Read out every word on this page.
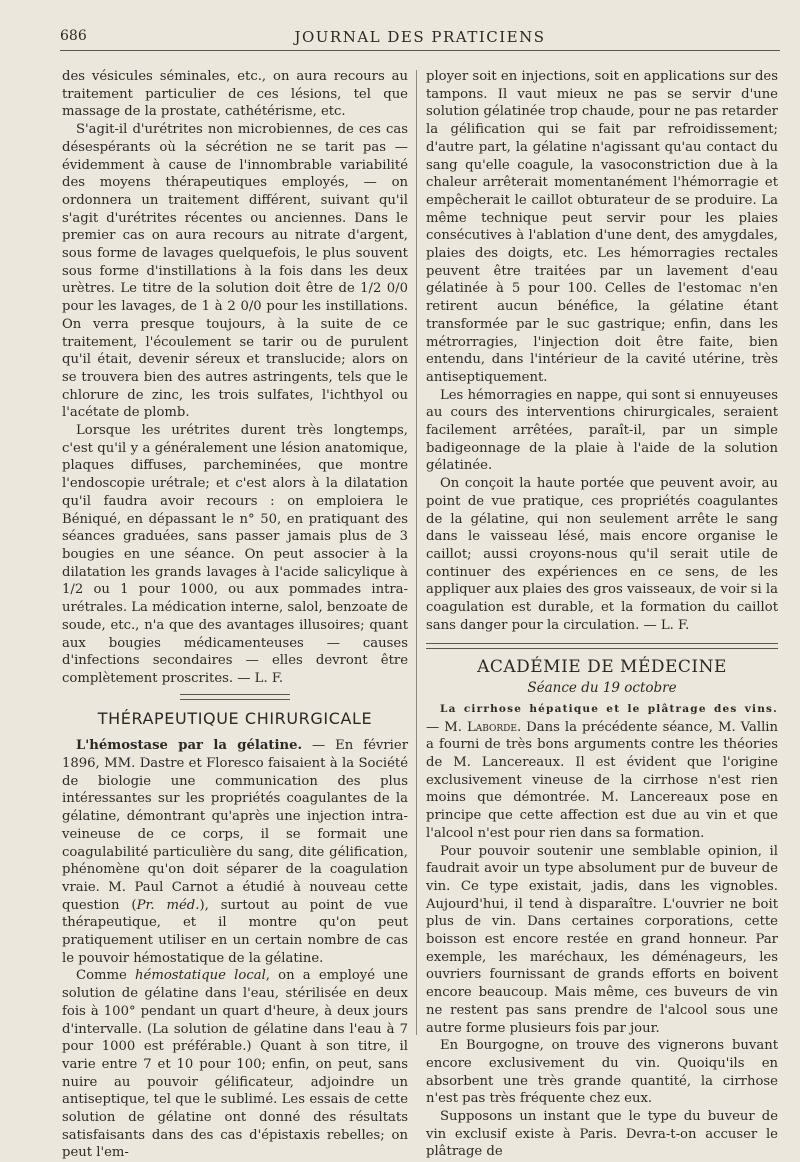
686	JOURNAL DES PRATICIENS

des vésicules séminales, etc., on aura recours au traitement particulier de ces lésions, tel que massage de la prostate, cathétérisme, etc.

S'agit-il d'urétrites non microbiennes, de ces cas désespérants où la sécrétion ne se tarit pas — évidemment à cause de l'innombrable variabilité des moyens thérapeutiques employés, — on ordonnera un traitement différent, suivant qu'il s'agit d'urétrites récentes ou anciennes. Dans le premier cas on aura recours au nitrate d'argent, sous forme de lavages quelquefois, le plus souvent sous forme d'instillations à la fois dans les deux urètres. Le titre de la solution doit être de 1/2 0/0 pour les lavages, de 1 à 2 0/0 pour les instillations. On verra presque toujours, à la suite de ce traitement, l'écoulement se tarir ou de purulent qu'il était, devenir séreux et translucide; alors on se trouvera bien des autres astringents, tels que le chlorure de zinc, les trois sulfates, l'ichthyol ou l'acétate de plomb.

Lorsque les urétrites durent très longtemps, c'est qu'il y a généralement une lésion anatomique, plaques diffuses, parcheminées, que montre l'endoscopie urétrale; et c'est alors à la dilatation qu'il faudra avoir recours : on emploiera le Béniqué, en dépassant le n° 50, en pratiquant des séances graduées, sans passer jamais plus de 3 bougies en une séance. On peut associer à la dilatation les grands lavages à l'acide salicylique à 1/2 ou 1 pour 1000, ou aux pommades intra-urétrales. La médication interne, salol, benzoate de soude, etc., n'a que des avantages illusoires; quant aux bougies médicamenteuses — causes d'infections secondaires — elles devront être complètement proscrites. — L. F.

THÉRAPEUTIQUE CHIRURGICALE

L'hémostase par la gélatine. — En février 1896, MM. Dastre et Floresco faisaient à la Société de biologie une communication des plus intéressantes sur les propriétés coagulantes de la gélatine, démontrant qu'après une injection intra-veineuse de ce corps, il se formait une coagulabilité particulière du sang, dite gélification, phénomène qu'on doit séparer de la coagulation vraie. M. Paul Carnot a étudié à nouveau cette question (Pr. méd.), surtout au point de vue thérapeutique, et il montre qu'on peut pratiquement utiliser en un certain nombre de cas le pouvoir hémostatique de la gélatine.

Comme hémostatique local, on a employé une solution de gélatine dans l'eau, stérilisée en deux fois à 100° pendant un quart d'heure, à deux jours d'intervalle. (La solution de gélatine dans l'eau à 7 pour 1000 est préférable.) Quant à son titre, il varie entre 7 et 10 pour 100; enfin, on peut, sans nuire au pouvoir gélificateur, adjoindre un antiseptique, tel que le sublimé. Les essais de cette solution de gélatine ont donné des résultats satisfaisants dans des cas d'épistaxis rebelles; on peut l'em-

ployer soit en injections, soit en applications sur des tampons. Il vaut mieux ne pas se servir d'une solution gélatinée trop chaude, pour ne pas retarder la gélification qui se fait par refroidissement; d'autre part, la gélatine n'agissant qu'au contact du sang qu'elle coagule, la vasoconstriction due à la chaleur arrêterait momentanément l'hémorragie et empêcherait le caillot obturateur de se produire. La même technique peut servir pour les plaies consécutives à l'ablation d'une dent, des amygdales, plaies des doigts, etc. Les hémorragies rectales peuvent être traitées par un lavement d'eau gélatinée à 5 pour 100. Celles de l'estomac n'en retirent aucun bénéfice, la gélatine étant transformée par le suc gastrique; enfin, dans les métrorragies, l'injection doit être faite, bien entendu, dans l'intérieur de la cavité utérine, très antiseptiquement.

Les hémorragies en nappe, qui sont si ennuyeuses au cours des interventions chirurgicales, seraient facilement arrêtées, paraît-il, par un simple badigeonnage de la plaie à l'aide de la solution gélatinée.

On conçoit la haute portée que peuvent avoir, au point de vue pratique, ces propriétés coagulantes de la gélatine, qui non seulement arrête le sang dans le vaisseau lésé, mais encore organise le caillot; aussi croyons-nous qu'il serait utile de continuer des expériences en ce sens, de les appliquer aux plaies des gros vaisseaux, de voir si la coagulation est durable, et la formation du caillot sans danger pour la circulation. — L. F.

ACADÉMIE DE MÉDECINE
Séance du 19 octobre

La cirrhose hépatique et le plâtrage des vins. — M. Laborde. Dans la précédente séance, M. Vallin a fourni de très bons arguments contre les théories de M. Lancereaux. Il est évident que l'origine exclusivement vineuse de la cirrhose n'est rien moins que démontrée. M. Lancereaux pose en principe que cette affection est due au vin et que l'alcool n'est pour rien dans sa formation.

Pour pouvoir soutenir une semblable opinion, il faudrait avoir un type absolument pur de buveur de vin. Ce type existait, jadis, dans les vignobles. Aujourd'hui, il tend à disparaître. L'ouvrier ne boit plus de vin. Dans certaines corporations, cette boisson est encore restée en grand honneur. Par exemple, les maréchaux, les déménageurs, les ouvriers fournissant de grands efforts en boivent encore beaucoup. Mais même, ces buveurs de vin ne restent pas sans prendre de l'alcool sous une autre forme plusieurs fois par jour.

En Bourgogne, on trouve des vignerons buvant encore exclusivement du vin. Quoiqu'ils en absorbent une très grande quantité, la cirrhose n'est pas très fréquente chez eux.

Supposons un instant que le type du buveur de vin exclusif existe à Paris. Devra-t-on accuser le plâtrage de
